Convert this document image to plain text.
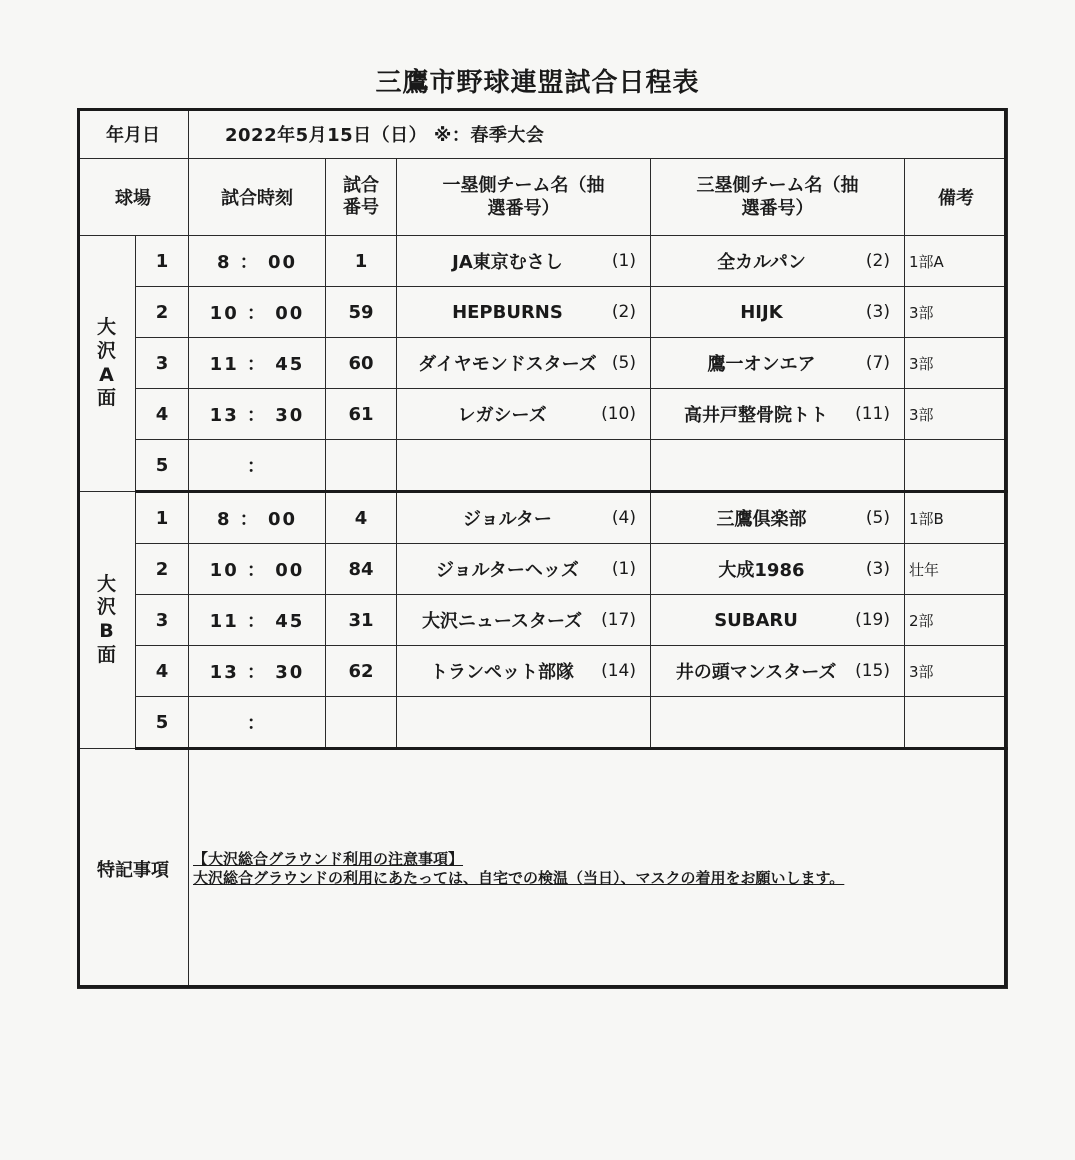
三鷹市野球連盟試合日程表
年月日		2022年5月15日（日） ※：春季大会				
球場		試合時刻	試合番号	一塁側チーム名（抽選番号）	三塁側チーム名（抽選番号）	備考

大
沢
A
面	1	8 ： 00	1	JA東京むさし (1)	全カルパン (2)	1部A
	2	10 ： 00	59	HEPBURNS (2)	HIJK (3)	3部
	3	11 ： 45	60	ダイヤモンドスターズ (5)	鷹一オンエア (7)	3部
	4	13 ： 30	61	レガシーズ (10)	高井戸整骨院トト (11)	3部
	5	：		

大
沢
B
面	1	8 ： 00	4	ジョルター (4)	三鷹倶楽部 (5)	1部B
	2	10 ： 00	84	ジョルターヘッズ (1)	大成1986 (3)	壮年
	3	11 ： 45	31	大沢ニュースターズ (17)	SUBARU (19)	2部
	4	13 ： 30	62	トランペット部隊 (14)	井の頭マンスターズ (15)	3部
	5	：		

特記事項		【大沢総合グラウンド利用の注意事項】
大沢総合グラウンドの利用にあたっては、自宅での検温（当日）、マスクの着用をお願いします。				
